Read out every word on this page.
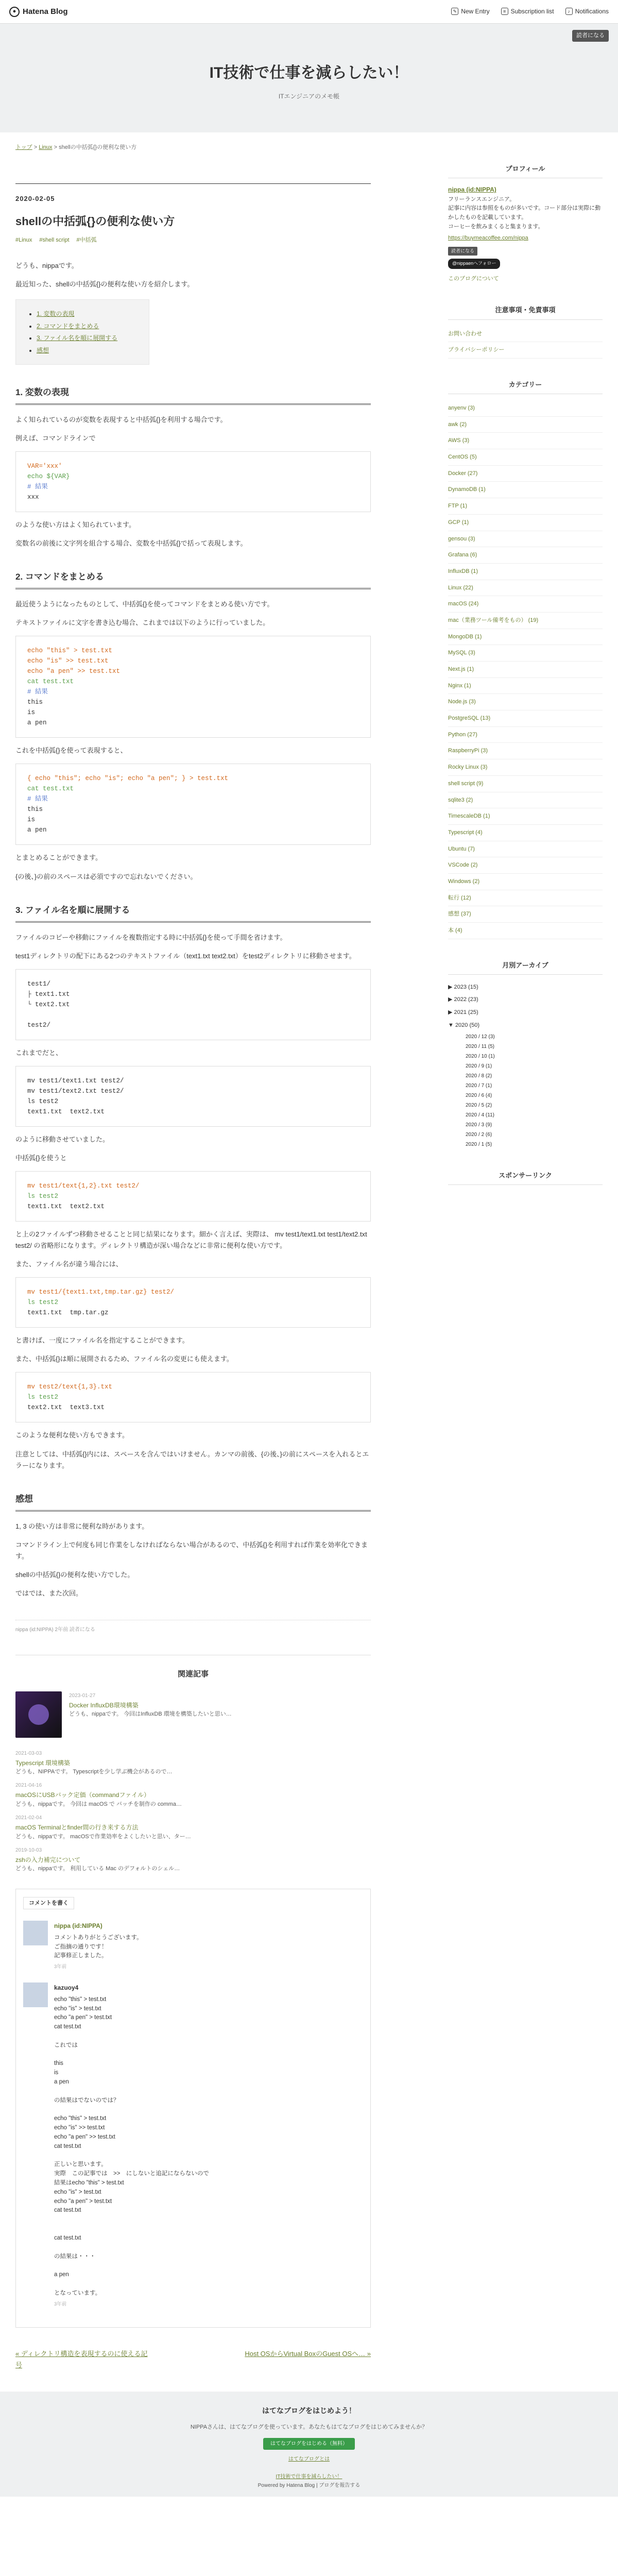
● Hatena Blog	✎ New Entry	≡ Subscription list	♪ Notifications
読者になる
IT技術で仕事を減らしたい！
ITエンジニアのメモ帳
トップ > Linux > shellの中括弧{}の便利な使い方
2020-02-05
shellの中括弧{}の便利な使い方
#Linux #shell script #中括弧

どうも、nippaです。

最近知った、shellの中括弧{}の便利な使い方を紹介します。

• 1. 変数の表現
• 2. コマンドをまとめる
• 3. ファイル名を順に展開する
• 感想
1. 変数の表現

よく知られているのが変数を表現すると中括弧{}を利用する場合です。

例えば、コマンドラインで

VAR='xxx'
echo ${VAR}
# 結果
xxx

のような使い方はよく知られています。

変数名の前後に文字列を組合する場合、変数を中括弧{}で括って表現します。

2. コマンドをまとめる

最近使うようになったものとして、中括弧{}を使ってコマンドをまとめる使い方です。

テキストファイルに文字を書き込む場合、これまでは以下のように行っていました。

echo "this" > test.txt
echo "is" >> test.txt
echo "a pen" >> test.txt
cat test.txt
# 結果
this
is
a pen

これを中括弧{}を使って表現すると、

{ echo "this"; echo "is"; echo "a pen"; } > test.txt
cat test.txt
# 結果
this
is
a pen

とまとめることができます。

{の後、}の前のスペースは必須ですので忘れないでください。

3. ファイル名を順に展開する

ファイルのコピーや移動にファイルを複数指定する時に中括弧{}を使って手間を省けます。

test1ディレクトリの配下にある2つのテキストファイル（text1.txt text2.txt）をtest2ディレクトリに移動させます。

test1/
├ text1.txt
└ text2.txt

test2/

これまでだと、

mv test1/text1.txt test2/
mv test1/text2.txt test2/
ls test2
text1.txt  text2.txt

のように移動させていました。

中括弧{}を使うと

mv test1/text{1,2}.txt test2/
ls test2
text1.txt  text2.txt

と上の2ファイルずつ移動させることと同じ結果になります。細かく言えば、実際は、 mv test1/text1.txt test1/text2.txt test2/ の省略形になります。ディレクトリ構造が深い場合などに非常に便利な使い方です。

また、ファイル名が違う場合には、

mv test1/{text1.txt,tmp.tar.gz} test2/
ls test2
text1.txt  tmp.tar.gz

と書けば、一度にファイル名を指定することができます。

また、中括弧{}は順に展開されるため、ファイル名の変更にも使えます。

mv test2/text{1,3}.txt
ls test2
text2.txt  text3.txt

このような便利な使い方もできます。

注意としては、中括弧{}内には、スペースを含んではいけません。カンマの前後、{の後、}の前にスペースを入れるとエラーになります。

感想

1, 3 の使い方は非常に便利な時があります。

コマンドライン上で何度も同じ作業をしなければならない場合があるので、中括弧{}を利用すれば作業を効率化できます。

shellの中括弧{}の便利な使い方でした。

ではでは、また次回。

nippa (id:NIPPA) 2年前 読者になる
関連記事
2023-01-27
Docker InfluxDB環境構築
どうも、nippaです。 今回はInfluxDB 環境を構築したいと思い…
2021-03-03
Typescript 環境構築
どうも、NIPPAです。 Typescriptを少し学ぶ機会があるので…
2021-04-16
macOSにUSBバック定価（commandファイル）
どうも、nippaです。 今回は macOS で バッチを制作の comma…
2021-02-04
macOS Terminalとfinder間の行き来する方法
どうも、nippaです。 macOSで作業効率をよくしたいと思い、ター…
2019-10-03
zshの入力補完について
どうも、nippaです。 利用している Mac のデフォルトのシェル…
コメントを書く
nippa (id:NIPPA)
コメントありがとうございます。
ご指摘の通りです！
記事修正しました。
3年前
kazuoy4
echo "this" > test.txt
echo "is" > test.txt
echo "a pen" > test.txt
cat test.txt

これでは

this
is
a pen

の結果はでないのでは？

echo "this" > test.txt
echo "is" >> test.txt
echo "a pen" >> test.txt
cat test.txt

正しいと思います。
実際　この記事では　>>　にしないと追記にならないので
結果はecho "this" > test.txt
echo "is" > test.txt
echo "a pen" > test.txt
cat test.txt

cat test.txt

の結果は・・・

a pen

となっています。
3年前
« ディレクトリ構造を表現するのに使える記号
Host OSからVirtual BoxのGuest OSへ… »
プロフィール
nippa (id:NIPPA)
フリーランスエンジニア。
記事に内容は参照をものが多いです。コード部分は実際に動かしたものを記載しています。
コーヒーを飲みまくると集まります。
https://buymeacoffee.com/nippa
読者になる
@nippaenへフォロー
このブログについて
注意事項・免責事項
お問い合わせ
プライバシーポリシー
カテゴリー
anyenv (3)
awk (2)
AWS (3)
CentOS (5)
Docker (27)
DynamoDB (1)
FTP (1)
GCP (1)
gensou (3)
Grafana (6)
InfluxDB (1)
Linux (22)
macOS (24)
mac（業務ツール備考をもの） (19)
MongoDB (1)
MySQL (3)
Next.js (1)
Nginx (1)
Node.js (3)
PostgreSQL (13)
Python (27)
RaspberryPi (3)
Rocky Linux (3)
shell script (9)
sqlite3 (2)
TimescaleDB (1)
Typescript (4)
Ubuntu (7)
VSCode (2)
Windows (2)
転行 (12)
感想 (37)
本 (4)
月別アーカイブ
▶ 2023 (15)
▶ 2022 (23)
▶ 2021 (25)
▼ 2020 (50)
2020 / 12 (3)
2020 / 11 (5)
2020 / 10 (1)
2020 / 9 (1)
2020 / 8 (2)
2020 / 7 (1)
2020 / 6 (4)
2020 / 5 (2)
2020 / 4 (11)
2020 / 3 (9)
2020 / 2 (6)
2020 / 1 (5)
スポンサーリンク
はてなブログをはじめよう！
NIPPAさんは、はてなブログを使っています。あなたもはてなブログをはじめてみませんか？
はてなブログをはじめる（無料）
はてなブログとは
IT技術で仕事を減らしたい！
Powered by Hatena Blog | ブログを報告する
